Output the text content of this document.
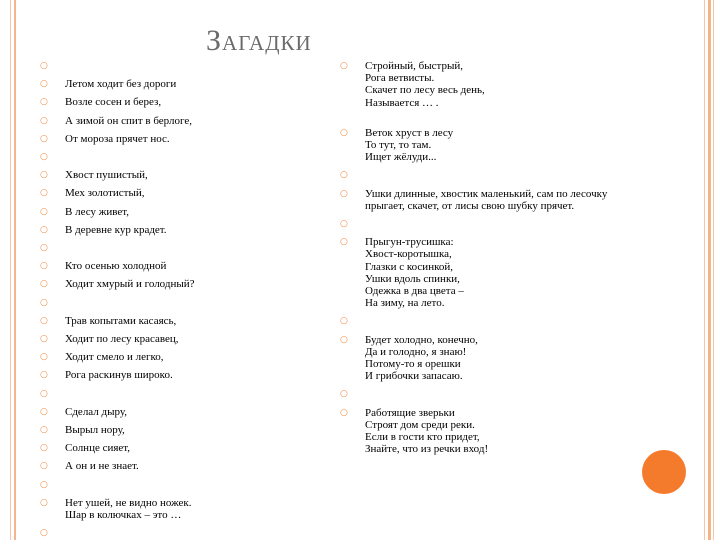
Загадки
○

○ Летом ходит без дороги
○ Возле сосен и берез,
○ А зимой он спит в берлоге,
○ От мороза прячет нос.
○

○ Хвост пушистый,
○ Мех золотистый,
○ В лесу живет,
○ В деревне кур крадет.
○

○ Кто осенью холодной
○ Ходит хмурый и голодный?
○

○ Трав копытами касаясь,
○ Ходит по лесу красавец,
○ Ходит смело и легко,
○ Рога раскинув широко.
○

○ Сделал дыру,
○ Вырыл нору,
○ Солнце сияет,
○ А он и не знает.
○

○ Нет ушей, не видно ножек.
Шар в колючках – это …
○

○ Стройный, быстрый,
Рога ветвисты.
Скачет по лесу весь день,
Называется … .
○ Веток хруст в лесу
То тут, то там.
Ищет жёлуди...
○

○ Ушки длинные, хвостик маленький, сам по лесочку прыгает, скачет, от лисы свою шубку прячет.
○

○ Прыгун-трусишка:
Хвост-коротышка,
Глазки с косинкой,
Ушки вдоль спинки,
Одежка в два цвета –
На зиму, на лето.
○

○ Будет холодно, конечно,
Да и голодно, я знаю!
Потому-то я орешки
И грибочки запасаю.
○

○ Работящие зверьки
Строят дом среди реки.
Если в гости кто придет,
Знайте, что из речки вход!
